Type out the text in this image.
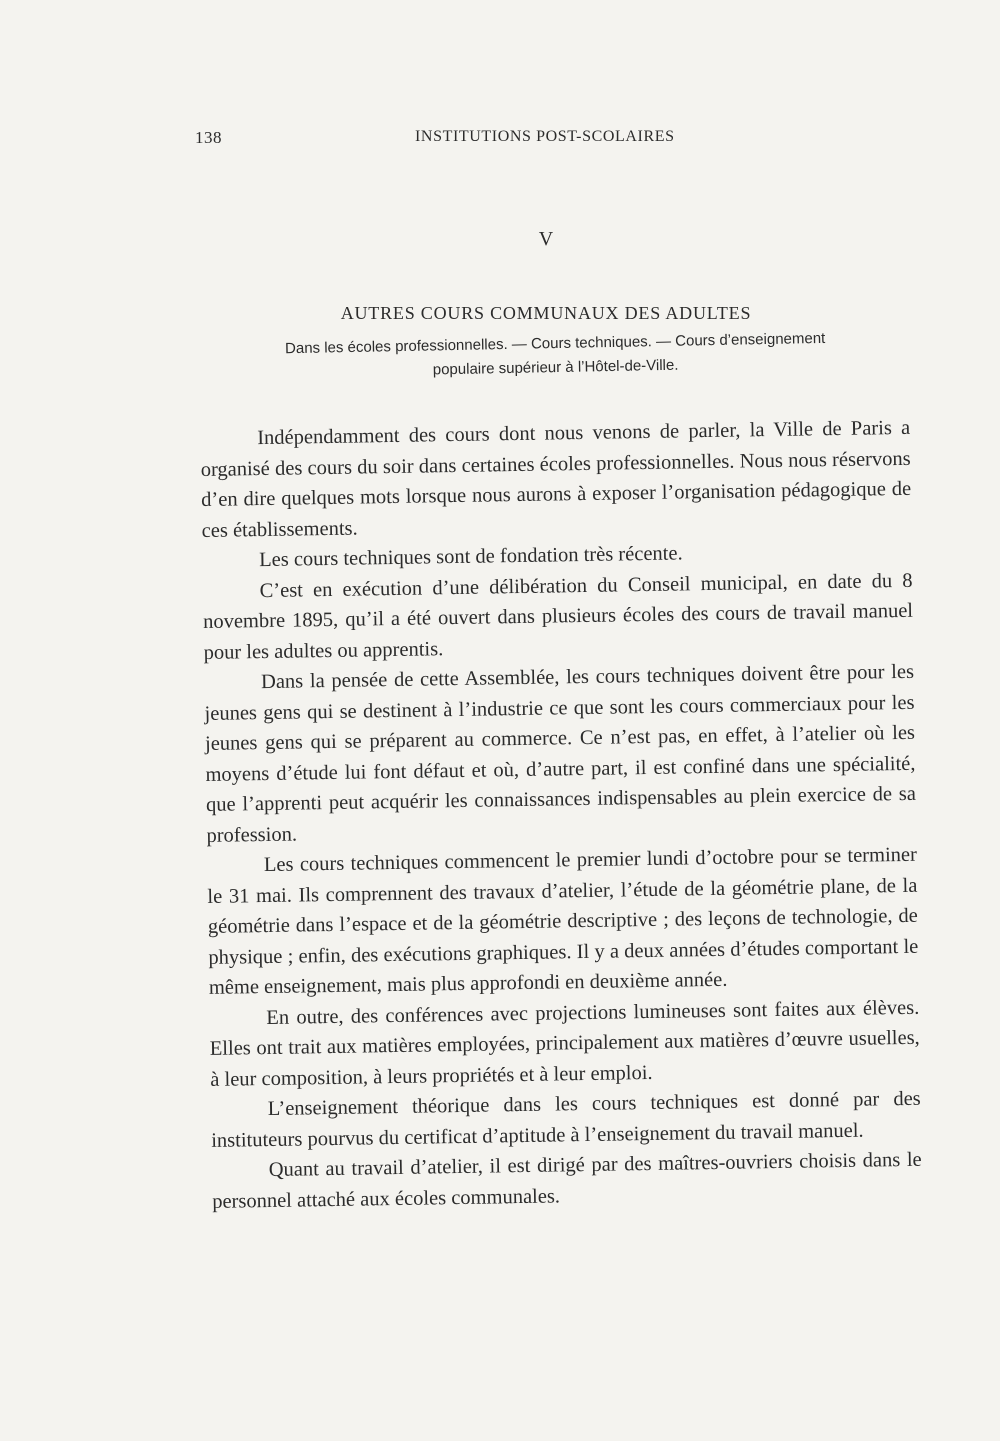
138	INSTITUTIONS POST-SCOLAIRES
V
AUTRES COURS COMMUNAUX DES ADULTES
Dans les écoles professionnelles. — Cours techniques. — Cours d’enseignement
populaire supérieur à l’Hôtel-de-Ville.

Indépendamment des cours dont nous venons de parler, la Ville de Paris a organisé des cours du soir dans certaines écoles professionnelles. Nous nous réservons d’en dire quelques mots lorsque nous aurons à exposer l’organisation pédagogique de ces établissements.

Les cours techniques sont de fondation très récente.

C’est en exécution d’une délibération du Conseil municipal, en date du 8 novembre 1895, qu’il a été ouvert dans plusieurs écoles des cours de travail manuel pour les adultes ou apprentis.

Dans la pensée de cette Assemblée, les cours techniques doivent être pour les jeunes gens qui se destinent à l’industrie ce que sont les cours commerciaux pour les jeunes gens qui se préparent au commerce. Ce n’est pas, en effet, à l’atelier où les moyens d’étude lui font défaut et où, d’autre part, il est confiné dans une spécialité, que l’apprenti peut acquérir les connaissances indispensables au plein exercice de sa profession.

Les cours techniques commencent le premier lundi d’octobre pour se terminer le 31 mai. Ils comprennent des travaux d’atelier, l’étude de la géométrie plane, de la géométrie dans l’espace et de la géométrie descriptive ; des leçons de technologie, de physique ; enfin, des exécutions graphiques. Il y a deux années d’études comportant le même enseignement, mais plus approfondi en deuxième année.

En outre, des conférences avec projections lumineuses sont faites aux élèves. Elles ont trait aux matières employées, principalement aux matières d’œuvre usuelles, à leur composition, à leurs propriétés et à leur emploi.

L’enseignement théorique dans les cours techniques est donné par des instituteurs pourvus du certificat d’aptitude à l’enseignement du travail manuel.

Quant au travail d’atelier, il est dirigé par des maîtres-ouvriers choisis dans le personnel attaché aux écoles communales.
